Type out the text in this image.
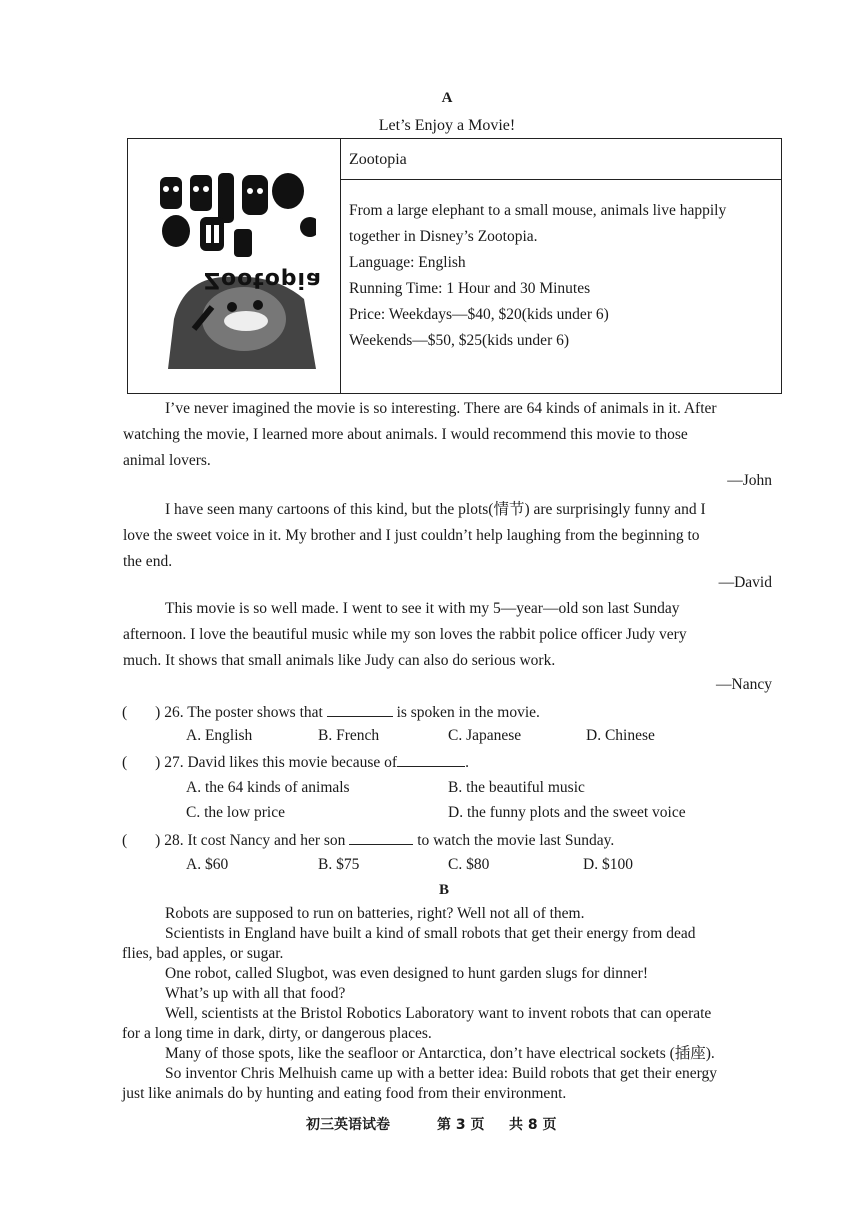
A
Let’s Enjoy a Movie!
Zootopia

Zootopia

From a large elephant to a small mouse, animals live happily
together in Disney’s Zootopia.
Language: English
Running Time: 1 Hour and 30 Minutes
Price: Weekdays—$40, $20(kids under 6)
Weekends—$50, $25(kids under 6)
I’ve never imagined the movie is so interesting. There are 64 kinds of animals in it. After
watching the movie, I learned more about animals. I would recommend this movie to those
animal lovers.
—John
I have seen many cartoons of this kind, but the plots(情节) are surprisingly funny and I
love the sweet voice in it. My brother and I just couldn’t help laughing from the beginning to
the end.
—David
This movie is so well made. I went to see it with my 5—year—old son last Sunday
afternoon. I love the beautiful music while my son loves the rabbit police officer Judy very
much. It shows that small animals like Judy can also do serious work.
—Nancy
( ) 26. The poster shows that	is spoken in the movie.
A. English	B. French	C. Japanese	D. Chinese
( ) 27. David likes this movie because of	.
A. the 64 kinds of animals	B. the beautiful music
C. the low price	D. the funny plots and the sweet voice
( ) 28. It cost Nancy and her son	to watch the movie last Sunday.
A. $60	B. $75	C. $80	D. $100
B
Robots are supposed to run on batteries, right? Well not all of them.
Scientists in England have built a kind of small robots that get their energy from dead
flies, bad apples, or sugar.
One robot, called Slugbot, was even designed to hunt garden slugs for dinner!
What’s up with all that food?
Well, scientists at the Bristol Robotics Laboratory want to invent robots that can operate
for a long time in dark, dirty, or dangerous places.
Many of those spots, like the seafloor or Antarctica, don’t have electrical sockets (插座).
So inventor Chris Melhuish came up with a better idea: Build robots that get their energy
just like animals do by hunting and eating food from their environment.
初三英语试卷	第 3 页 共 8 页
